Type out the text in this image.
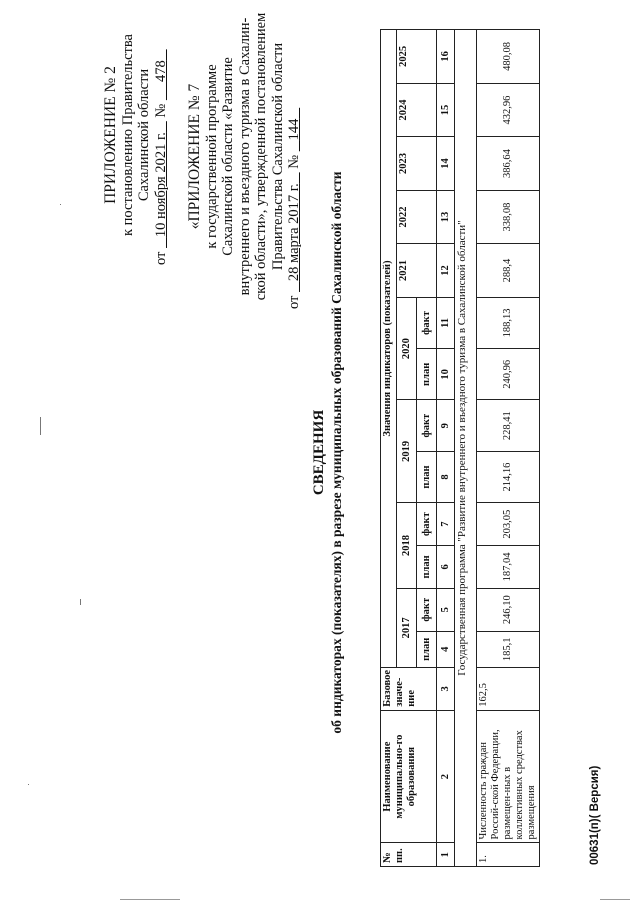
ПРИЛОЖЕНИЕ № 2 к постановлению Правительства Сахалинской области
от    10 ноября 2021 г.    №      478
«ПРИЛОЖЕНИЕ № 7 к государственной программе Сахалинской области «Развитие внутреннего и въездного туризма в Сахалин- ской области», утвержденной постановлением Правительства Сахалинской области
от    28 марта 2017 г.    №    144
СВЕДЕНИЯ об индикаторах (показателях) в разрезе муниципальных образований Сахалинской области
№ пп.	Наименование муниципально-го образования	Базовое значе-ние	Значения индикаторов (показателей)												
			2017		2018		2019		2020		2021	2022	2023	2024	2025
			план	факт	план	факт	план	факт	план	факт					
1	2	3	4	5	6	7	8	9	10	11	12	13	14	15	16
Государственная программа "Развитие внутреннего и въездного туризма в Сахалинской области"															
1.	Численность граждан Россий-ской Федерации, размещен-ных в коллективных средствах размещения	162,5	185,1	246,10	187,04	203,05	214,16	228,41	240,96	188,13	288,4	338,08	386,64	432,96	480,08
00631(п)( Версия)
